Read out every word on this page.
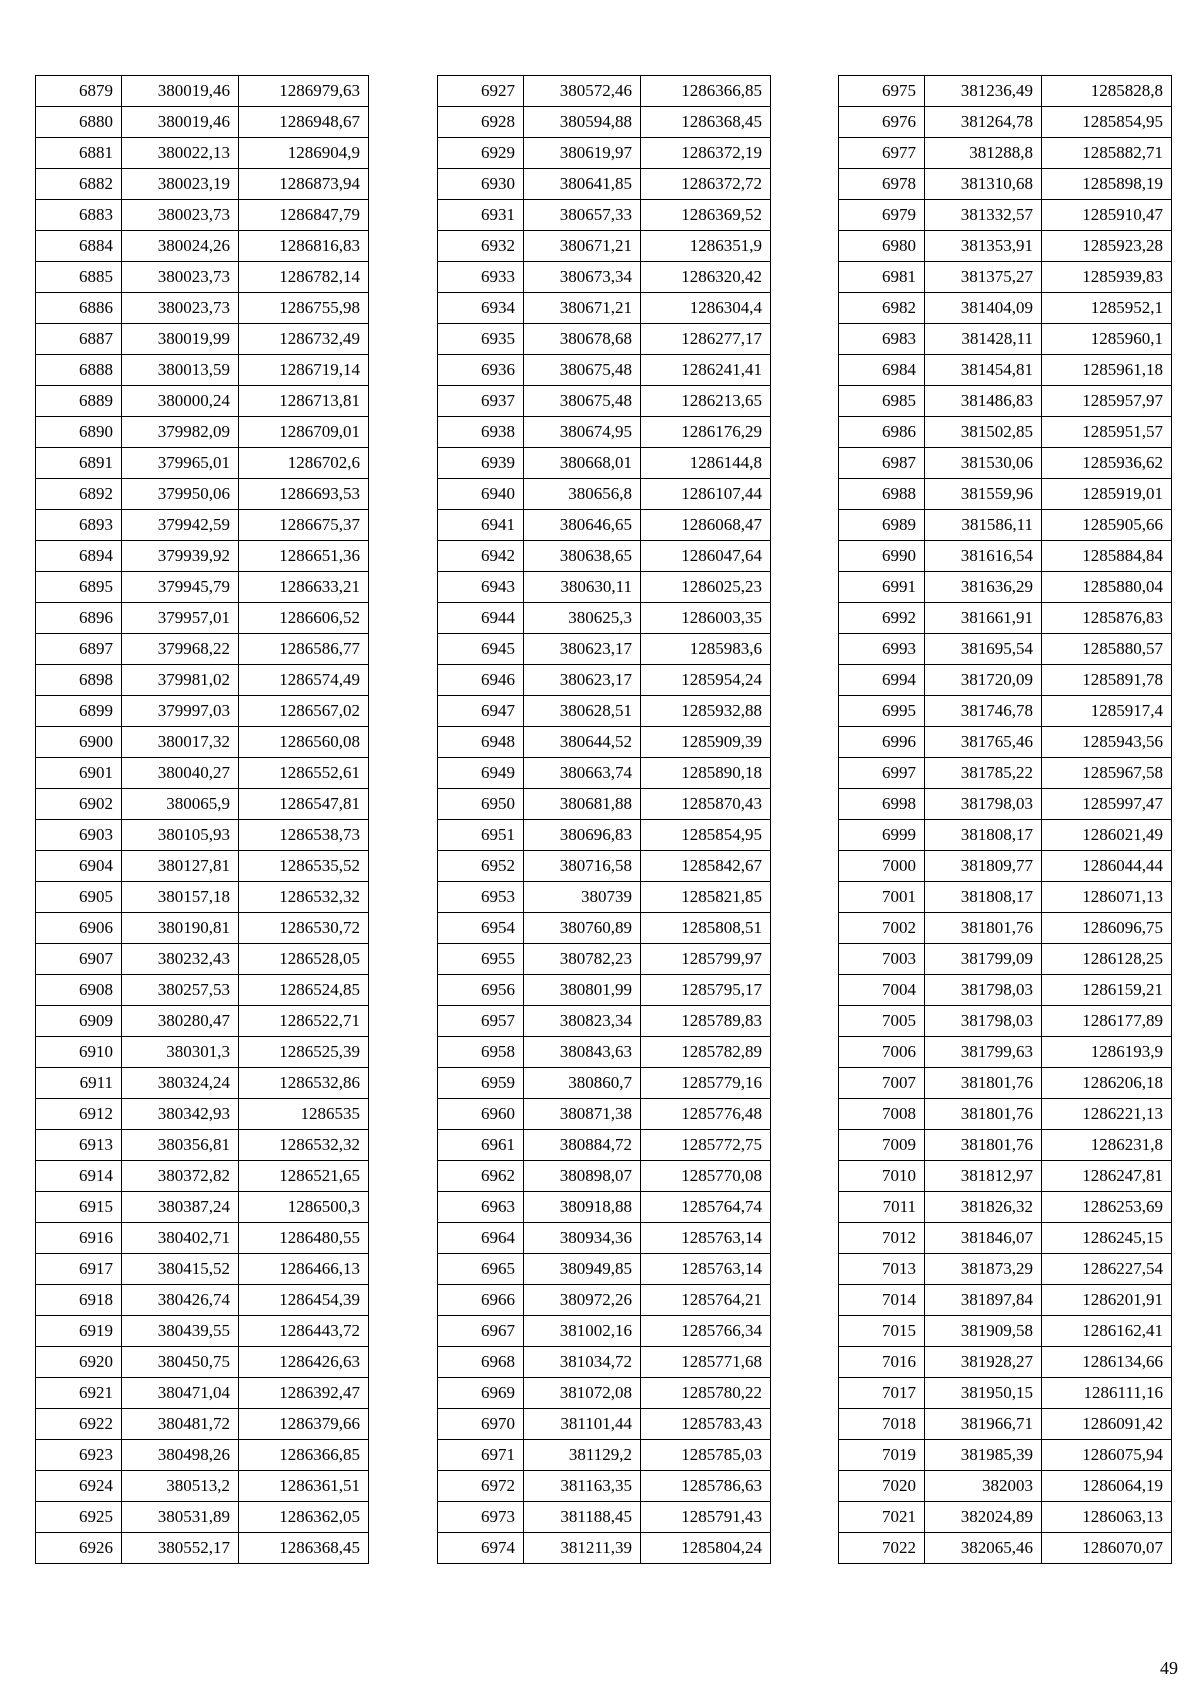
6879	380019,46	1286979,63
6880	380019,46	1286948,67
6881	380022,13	1286904,9
6882	380023,19	1286873,94
6883	380023,73	1286847,79
6884	380024,26	1286816,83
6885	380023,73	1286782,14
6886	380023,73	1286755,98
6887	380019,99	1286732,49
6888	380013,59	1286719,14
6889	380000,24	1286713,81
6890	379982,09	1286709,01
6891	379965,01	1286702,6
6892	379950,06	1286693,53
6893	379942,59	1286675,37
6894	379939,92	1286651,36
6895	379945,79	1286633,21
6896	379957,01	1286606,52
6897	379968,22	1286586,77
6898	379981,02	1286574,49
6899	379997,03	1286567,02
6900	380017,32	1286560,08
6901	380040,27	1286552,61
6902	380065,9	1286547,81
6903	380105,93	1286538,73
6904	380127,81	1286535,52
6905	380157,18	1286532,32
6906	380190,81	1286530,72
6907	380232,43	1286528,05
6908	380257,53	1286524,85
6909	380280,47	1286522,71
6910	380301,3	1286525,39
6911	380324,24	1286532,86
6912	380342,93	1286535
6913	380356,81	1286532,32
6914	380372,82	1286521,65
6915	380387,24	1286500,3
6916	380402,71	1286480,55
6917	380415,52	1286466,13
6918	380426,74	1286454,39
6919	380439,55	1286443,72
6920	380450,75	1286426,63
6921	380471,04	1286392,47
6922	380481,72	1286379,66
6923	380498,26	1286366,85
6924	380513,2	1286361,51
6925	380531,89	1286362,05
6926	380552,17	1286368,45
6927	380572,46	1286366,85
6928	380594,88	1286368,45
6929	380619,97	1286372,19
6930	380641,85	1286372,72
6931	380657,33	1286369,52
6932	380671,21	1286351,9
6933	380673,34	1286320,42
6934	380671,21	1286304,4
6935	380678,68	1286277,17
6936	380675,48	1286241,41
6937	380675,48	1286213,65
6938	380674,95	1286176,29
6939	380668,01	1286144,8
6940	380656,8	1286107,44
6941	380646,65	1286068,47
6942	380638,65	1286047,64
6943	380630,11	1286025,23
6944	380625,3	1286003,35
6945	380623,17	1285983,6
6946	380623,17	1285954,24
6947	380628,51	1285932,88
6948	380644,52	1285909,39
6949	380663,74	1285890,18
6950	380681,88	1285870,43
6951	380696,83	1285854,95
6952	380716,58	1285842,67
6953	380739	1285821,85
6954	380760,89	1285808,51
6955	380782,23	1285799,97
6956	380801,99	1285795,17
6957	380823,34	1285789,83
6958	380843,63	1285782,89
6959	380860,7	1285779,16
6960	380871,38	1285776,48
6961	380884,72	1285772,75
6962	380898,07	1285770,08
6963	380918,88	1285764,74
6964	380934,36	1285763,14
6965	380949,85	1285763,14
6966	380972,26	1285764,21
6967	381002,16	1285766,34
6968	381034,72	1285771,68
6969	381072,08	1285780,22
6970	381101,44	1285783,43
6971	381129,2	1285785,03
6972	381163,35	1285786,63
6973	381188,45	1285791,43
6974	381211,39	1285804,24
6975	381236,49	1285828,8
6976	381264,78	1285854,95
6977	381288,8	1285882,71
6978	381310,68	1285898,19
6979	381332,57	1285910,47
6980	381353,91	1285923,28
6981	381375,27	1285939,83
6982	381404,09	1285952,1
6983	381428,11	1285960,1
6984	381454,81	1285961,18
6985	381486,83	1285957,97
6986	381502,85	1285951,57
6987	381530,06	1285936,62
6988	381559,96	1285919,01
6989	381586,11	1285905,66
6990	381616,54	1285884,84
6991	381636,29	1285880,04
6992	381661,91	1285876,83
6993	381695,54	1285880,57
6994	381720,09	1285891,78
6995	381746,78	1285917,4
6996	381765,46	1285943,56
6997	381785,22	1285967,58
6998	381798,03	1285997,47
6999	381808,17	1286021,49
7000	381809,77	1286044,44
7001	381808,17	1286071,13
7002	381801,76	1286096,75
7003	381799,09	1286128,25
7004	381798,03	1286159,21
7005	381798,03	1286177,89
7006	381799,63	1286193,9
7007	381801,76	1286206,18
7008	381801,76	1286221,13
7009	381801,76	1286231,8
7010	381812,97	1286247,81
7011	381826,32	1286253,69
7012	381846,07	1286245,15
7013	381873,29	1286227,54
7014	381897,84	1286201,91
7015	381909,58	1286162,41
7016	381928,27	1286134,66
7017	381950,15	1286111,16
7018	381966,71	1286091,42
7019	381985,39	1286075,94
7020	382003	1286064,19
7021	382024,89	1286063,13
7022	382065,46	1286070,07
49
